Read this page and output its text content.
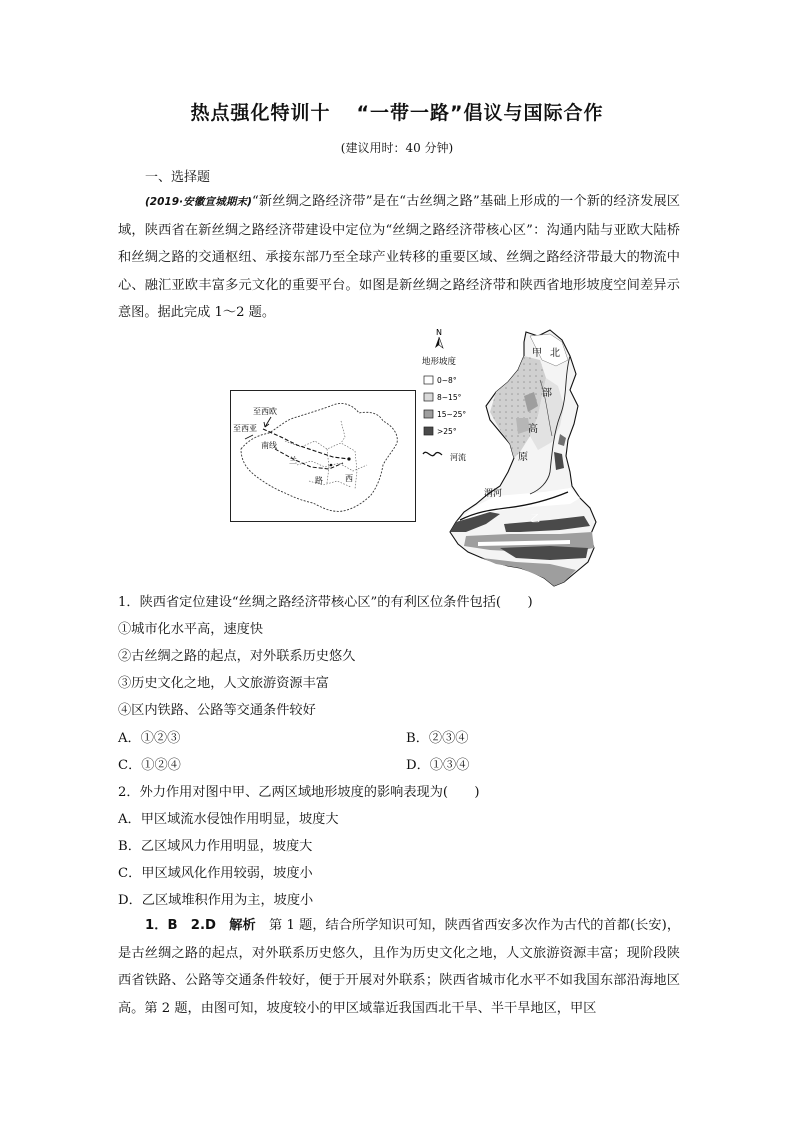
热点强化特训十 “一带一路”倡议与国际合作
(建议用时：40 分钟)
一、选择题
(2019·安徽宣城期末)“新丝绸之路经济带”是在“古丝绸之路”基础上形成的一个新的经济发展区域，陕西省在新丝绸之路经济带建设中定位为“丝绸之路经济带核心区”：沟通内陆与亚欧大陆桥和丝绸之路的交通枢纽、承接东部乃至全球产业转移的重要区域、丝绸之路经济带最大的物流中心、融汇亚欧丰富多元文化的重要平台。如图是新丝绸之路经济带和陕西省地形坡度空间差异示意图。据此完成 1～2 题。
至西欧
至西亚
南线
兰
路	西
N
地形坡度
0~8°
8~15°
15~25°
>25°
河流
甲 北
部
高
原
渭河
乙
1．陕西省定位建设“丝绸之路经济带核心区”的有利区位条件包括(　　)
①城市化水平高，速度快
②古丝绸之路的起点，对外联系历史悠久
③历史文化之地，人文旅游资源丰富
④区内铁路、公路等交通条件较好
A．①②③	B．②③④
C．①②④	D．①③④
2．外力作用对图中甲、乙两区域地形坡度的影响表现为(　　)
A．甲区域流水侵蚀作用明显，坡度大
B．乙区域风力作用明显，坡度大
C．甲区域风化作用较弱，坡度小
D．乙区域堆积作用为主，坡度小
1．B　2.D　 解析　 第 1 题，结合所学知识可知，陕西省西安多次作为古代的首都(长安)，是古丝绸之路的起点，对外联系历史悠久，且作为历史文化之地，人文旅游资源丰富；现阶段陕西省铁路、公路等交通条件较好，便于开展对外联系；陕西省城市化水平不如我国东部沿海地区高。第 2 题，由图可知，坡度较小的甲区域靠近我国西北干旱、半干旱地区，甲区
